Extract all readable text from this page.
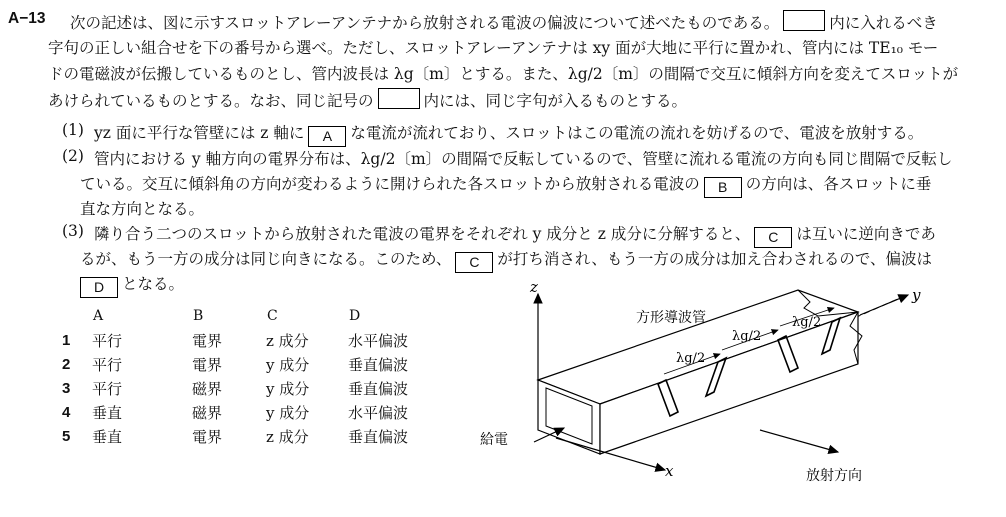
A−13 次の記述は、図に示すスロットアレーアンテナから放射される電波の偏波について述べたものである。	内に入れるべき
字句の正しい組合せを下の番号から選べ。ただし、スロットアレーアンテナは xy 面が大地に平行に置かれ、管内には TE₁₀ モー
ドの電磁波が伝搬しているものとし、管内波長は λg〔m〕とする。また、λg/2〔m〕の間隔で交互に傾斜方向を変えてスロットが
あけられているものとする。なお、同じ記号の	内には、同じ字句が入るものとする。
(1) yz 面に平行な管壁には z 軸に A な電流が流れており、スロットはこの電流の流れを妨げるので、電波を放射する。
(2) 管内における y 軸方向の電界分布は、λg/2〔m〕の間隔で反転しているので、管壁に流れる電流の方向も同じ間隔で反転し
ている。交互に傾斜角の方向が変わるように開けられた各スロットから放射される電波の B の方向は、各スロットに垂
直な方向となる。
(3) 隣り合う二つのスロットから放射された電波の電界をそれぞれ y 成分と z 成分に分解すると、 C は互いに逆向きであ
るが、もう一方の成分は同じ向きになる。このため、 C が打ち消され、もう一方の成分は加え合わされるので、偏波は
D となる。
	A	B	C	D
1	平行	電界	z 成分	水平偏波
2	平行	電界	y 成分	垂直偏波
3	平行	磁界	y 成分	垂直偏波
4	垂直	磁界	y 成分	水平偏波
5	垂直	電界	z 成分	垂直偏波
z	y
λg/2
λg/2
λg/2
方形導波管
x
給電
放射方向
